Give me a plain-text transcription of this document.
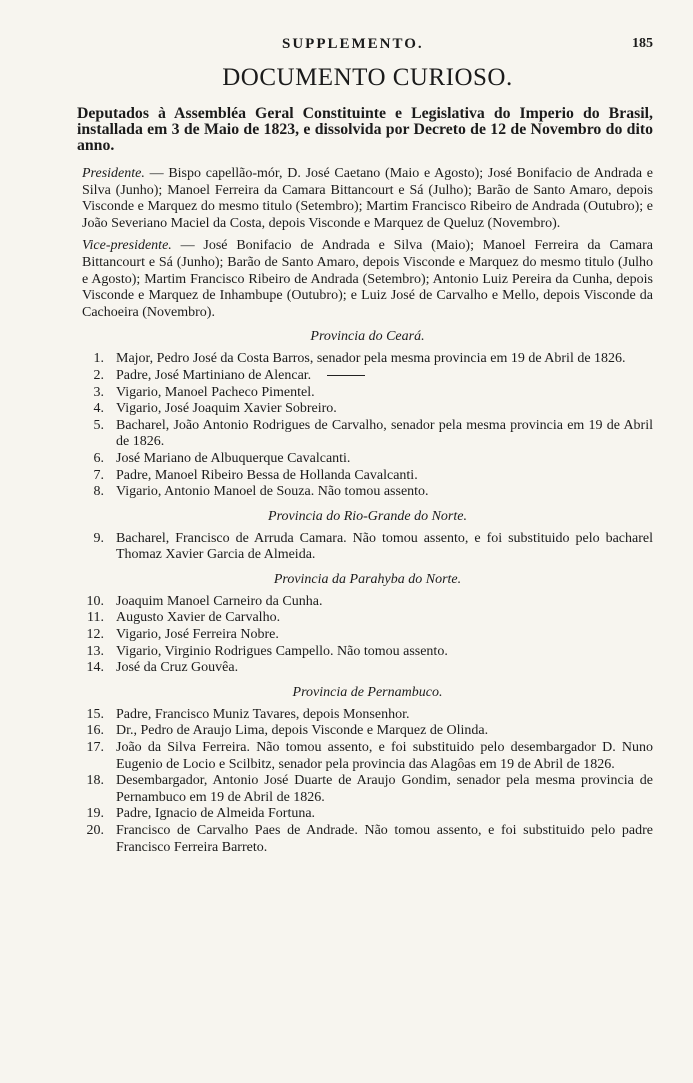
SUPPLEMENTO.	185
DOCUMENTO CURIOSO.
Deputados à Assembléa Geral Constituinte e Legislativa do Imperio do Brasil, installada em 3 de Maio de 1823, e dissolvida por Decreto de 12 de Novembro do dito anno.

Presidente. — Bispo capellão-mór, D. José Caetano (Maio e Agosto); José Bonifacio de Andrada e Silva (Junho); Manoel Ferreira da Camara Bittancourt e Sá (Julho); Barão de Santo Amaro, depois Visconde e Marquez do mesmo titulo (Setembro); Martim Francisco Ribeiro de Andrada (Outubro); e João Severiano Maciel da Costa, depois Visconde e Marquez de Queluz (Novembro).

Vice-presidente. — José Bonifacio de Andrada e Silva (Maio); Manoel Ferreira da Camara Bittancourt e Sá (Junho); Barão de Santo Amaro, depois Visconde e Marquez do mesmo titulo (Julho e Agosto); Martim Francisco Ribeiro de Andrada (Setembro); Antonio Luiz Pereira da Cunha, depois Visconde e Marquez de Inhambupe (Outubro); e Luiz José de Carvalho e Mello, depois Visconde da Cachoeira (Novembro).

Provincia do Ceará.
1. Major, Pedro José da Costa Barros, senador pela mesma provincia em 19 de Abril de 1826.
2. Padre, José Martiniano de Alencar.
3. Vigario, Manoel Pacheco Pimentel.
4. Vigario, José Joaquim Xavier Sobreiro.
5. Bacharel, João Antonio Rodrigues de Carvalho, senador pela mesma provincia em 19 de Abril de 1826.
6. José Mariano de Albuquerque Cavalcanti.
7. Padre, Manoel Ribeiro Bessa de Hollanda Cavalcanti.
8. Vigario, Antonio Manoel de Souza. Não tomou assento.
Provincia do Rio-Grande do Norte.
9. Bacharel, Francisco de Arruda Camara. Não tomou assento, e foi substituido pelo bacharel Thomaz Xavier Garcia de Almeida.
Provincia da Parahyba do Norte.
10. Joaquim Manoel Carneiro da Cunha.
11. Augusto Xavier de Carvalho.
12. Vigario, José Ferreira Nobre.
13. Vigario, Virginio Rodrigues Campello. Não tomou assento.
14. José da Cruz Gouvêa.
Provincia de Pernambuco.
15. Padre, Francisco Muniz Tavares, depois Monsenhor.
16. Dr., Pedro de Araujo Lima, depois Visconde e Marquez de Olinda.
17. João da Silva Ferreira. Não tomou assento, e foi substituido pelo desembargador D. Nuno Eugenio de Locio e Scilbitz, senador pela provincia das Alagôas em 19 de Abril de 1826.
18. Desembargador, Antonio José Duarte de Araujo Gondim, senador pela mesma provincia de Pernambuco em 19 de Abril de 1826.
19. Padre, Ignacio de Almeida Fortuna.
20. Francisco de Carvalho Paes de Andrade. Não tomou assento, e foi substituido pelo padre Francisco Ferreira Barreto.
